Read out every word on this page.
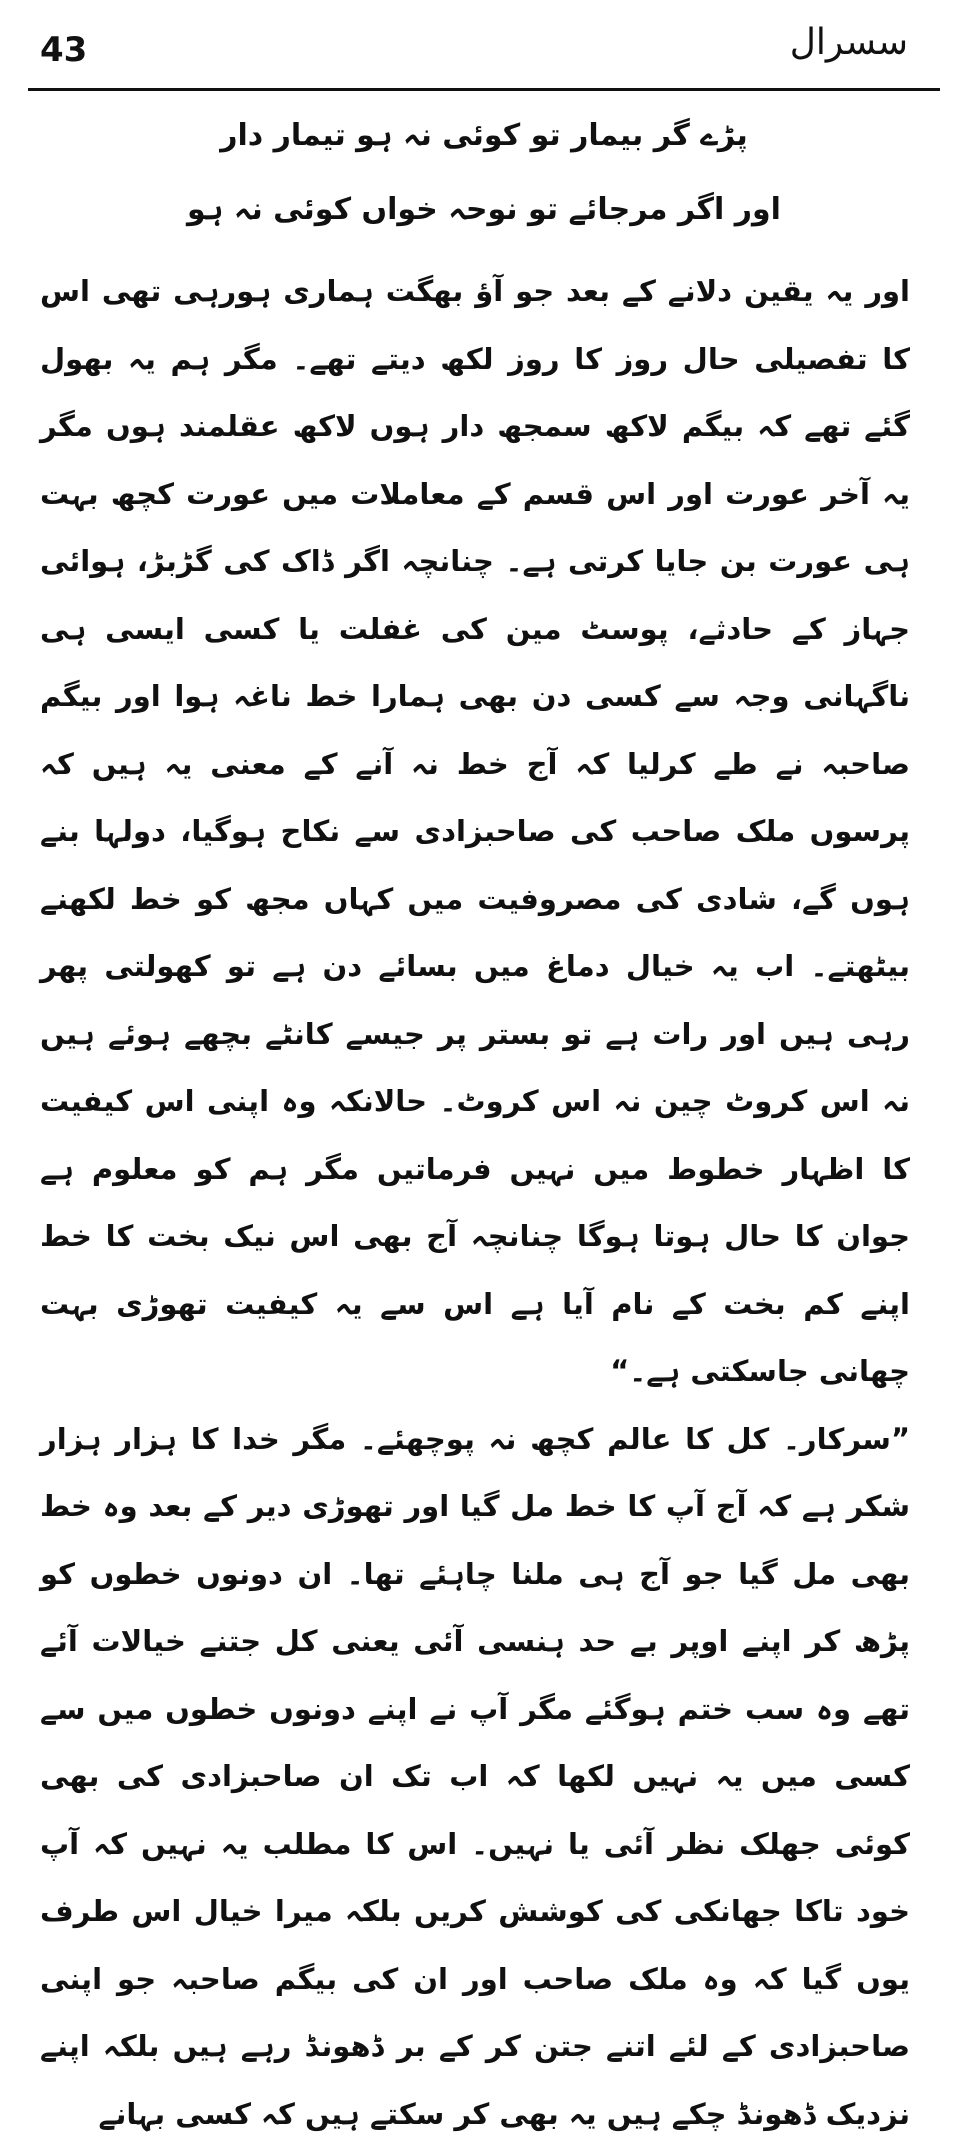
43	سسرال
پڑے گر بیمار تو کوئی نہ ہو تیمار دار
اور اگر مرجائے تو نوحہ خواں کوئی نہ ہو

اور یہ یقین دلانے کے بعد جو آؤ بھگت ہماری ہورہی تھی اس کا تفصیلی حال روز کا روز لکھ دیتے تھے۔ مگر ہم یہ بھول گئے تھے کہ بیگم لاکھ سمجھ دار ہوں لاکھ عقلمند ہوں مگر یہ آخر عورت اور اس قسم کے معاملات میں عورت کچھ بہت ہی عورت بن جایا کرتی ہے۔ چنانچہ اگر ڈاک کی گڑبڑ، ہوائی جہاز کے حادثے، پوسٹ مین کی غفلت یا کسی ایسی ہی ناگہانی وجہ سے کسی دن بھی ہمارا خط ناغہ ہوا اور بیگم صاحبہ نے طے کرلیا کہ آج خط نہ آنے کے معنی یہ ہیں کہ پرسوں ملک صاحب کی صاحبزادی سے نکاح ہوگیا، دولہا بنے ہوں گے، شادی کی مصروفیت میں کہاں مجھ کو خط لکھنے بیٹھتے۔ اب یہ خیال دماغ میں بسائے دن ہے تو کھولتی پھر رہی ہیں اور رات ہے تو بستر پر جیسے کانٹے بچھے ہوئے ہیں نہ اس کروٹ چین نہ اس کروٹ۔ حالانکہ وہ اپنی اس کیفیت کا اظہار خطوط میں نہیں فرماتیں مگر ہم کو معلوم ہے جوان کا حال ہوتا ہوگا چنانچہ آج بھی اس نیک بخت کا خط اپنے کم بخت کے نام آیا ہے اس سے یہ کیفیت تھوڑی بہت چھانی جاسکتی ہے۔“

”سرکار۔ کل کا عالم کچھ نہ پوچھئے۔ مگر خدا کا ہزار ہزار شکر ہے کہ آج آپ کا خط مل گیا اور تھوڑی دیر کے بعد وہ خط بھی مل گیا جو آج ہی ملنا چاہئے تھا۔ ان دونوں خطوں کو پڑھ کر اپنے اوپر بے حد ہنسی آئی یعنی کل جتنے خیالات آئے تھے وہ سب ختم ہوگئے مگر آپ نے اپنے دونوں خطوں میں سے کسی میں یہ نہیں لکھا کہ اب تک ان صاحبزادی کی بھی کوئی جھلک نظر آئی یا نہیں۔ اس کا مطلب یہ نہیں کہ آپ خود تاکا جھانکی کی کوشش کریں بلکہ میرا خیال اس طرف یوں گیا کہ وہ ملک صاحب اور ان کی بیگم صاحبہ جو اپنی صاحبزادی کے لئے اتنے جتن کر کے بر ڈھونڈ رہے ہیں بلکہ اپنے نزدیک ڈھونڈ چکے ہیں یہ بھی کر سکتے ہیں کہ کسی بہانے
